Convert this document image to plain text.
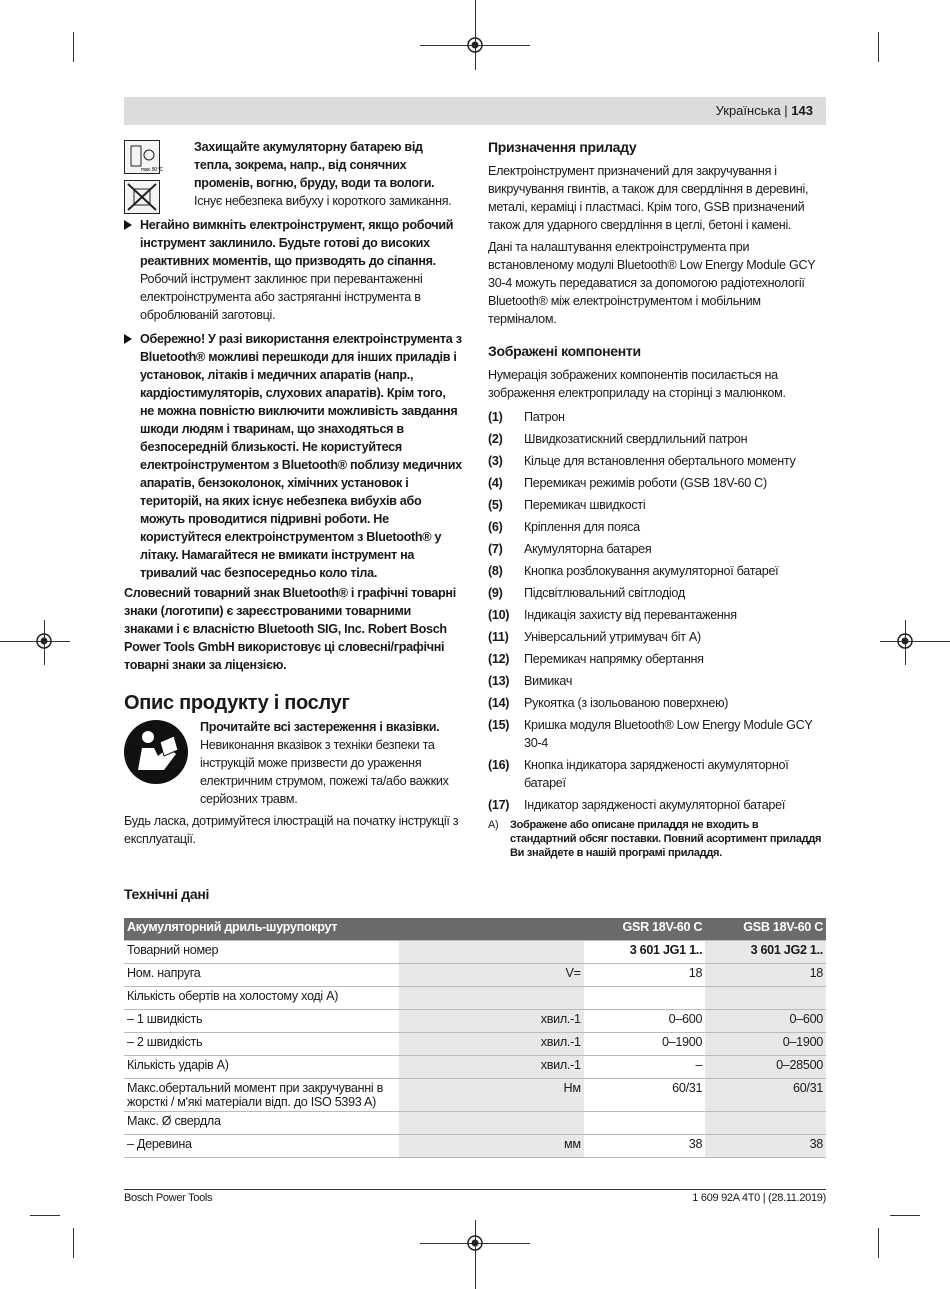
Українська | 143
max. 50 °C

Захищайте акумуляторну батарею від тепла, зокрема, напр., від сонячних променів, вогню, бруду, води та вологи. Існує небезпека вибуху і короткого замикання.

Негайно вимкніть електроінструмент, якщо робочий інструмент заклинило. Будьте готові до високих реактивних моментів, що призводять до сіпання. Робочий інструмент заклинює при перевантаженні електроінструмента або застряганні інструмента в оброблюваній заготовці.

Обережно! У разі використання електроінструмента з Bluetooth® можливі перешкоди для інших приладів і установок, літаків і медичних апаратів (напр., кардіостимуляторів, слухових апаратів). Крім того, не можна повністю виключити можливість завдання шкоди людям і тваринам, що знаходяться в безпосередній близькості. Не користуйтеся електроінструментом з Bluetooth® поблизу медичних апаратів, бензоколонок, хімічних установок і територій, на яких існує небезпека вибухів або можуть проводитися підривні роботи. Не користуйтеся електроінструментом з Bluetooth® у літаку. Намагайтеся не вмикати інструмент на тривалий час безпосередньо коло тіла.

Словесний товарний знак Bluetooth® і графічні товарні знаки (логотипи) є зареєстрованими товарними знаками і є власністю Bluetooth SIG, Inc. Robert Bosch Power Tools GmbH використовує ці словесні/графічні товарні знаки за ліцензією.

Опис продукту і послуг

Прочитайте всі застереження і вказівки. Невиконання вказівок з техніки безпеки та інструкцій може призвести до ураження електричним струмом, пожежі та/або важких серйозних травм.

Будь ласка, дотримуйтеся ілюстрацій на початку інструкції з експлуатації.

Призначення приладу

Електроінструмент призначений для закручування і викручування гвинтів, а також для свердління в деревині, металі, кераміці і пластмасі. Крім того, GSB призначений також для ударного свердління в цеглі, бетоні і камені.

Дані та налаштування електроінструмента при встановленому модулі Bluetooth® Low Energy Module GCY 30-4 можуть передаватися за допомогою радіотехнології Bluetooth® між електроінструментом і мобільним терміналом.

Зображені компоненти

Нумерація зображених компонентів посилається на зображення електроприладу на сторінці з малюнком.

(1)	Патрон
(2)	Швидкозатискний свердлильний патрон
(3)	Кільце для встановлення обертального моменту
(4)	Перемикач режимів роботи (GSB 18V-60 C)
(5)	Перемикач швидкості
(6)	Кріплення для пояса
(7)	Акумуляторна батарея
(8)	Кнопка розблокування акумуляторної батареї
(9)	Підсвітлювальний світлодіод
(10)	Індикація захисту від перевантаження
(11)	Універсальний утримувач біт A)
(12)	Перемикач напрямку обертання
(13)	Вимикач
(14)	Рукоятка (з ізольованою поверхнею)
(15)	Кришка модуля Bluetooth® Low Energy Module GCY 30-4
(16)	Кнопка індикатора зарядженості акумуляторної батареї
(17)	Індикатор зарядженості акумуляторної батареї
A)	Зображене або описане приладдя не входить в стандартний обсяг поставки. Повний асортимент приладдя Ви знайдете в нашій програмі приладдя.
Технічні дані
Акумуляторний дриль-шурупокрут		GSR 18V-60 C	GSB 18V-60 C
Товарний номер		3 601 JG1 1..	3 601 JG2 1..
Ном. напруга	V=	18	18
Кількість обертів на холостому ході A)			
– 1 швидкість	хвил.-1	0–600	0–600
– 2 швидкість	хвил.-1	0–1900	0–1900
Кількість ударів A)	хвил.-1	–	0–28500
Макс.обертальний момент при закручуванні в жорсткі / м'які матеріали відп. до ISO 5393 A)	Нм	60/31	60/31
Макс. Ø свердла			
– Деревина	мм	38	38
Bosch Power Tools	1 609 92A 4T0 | (28.11.2019)
